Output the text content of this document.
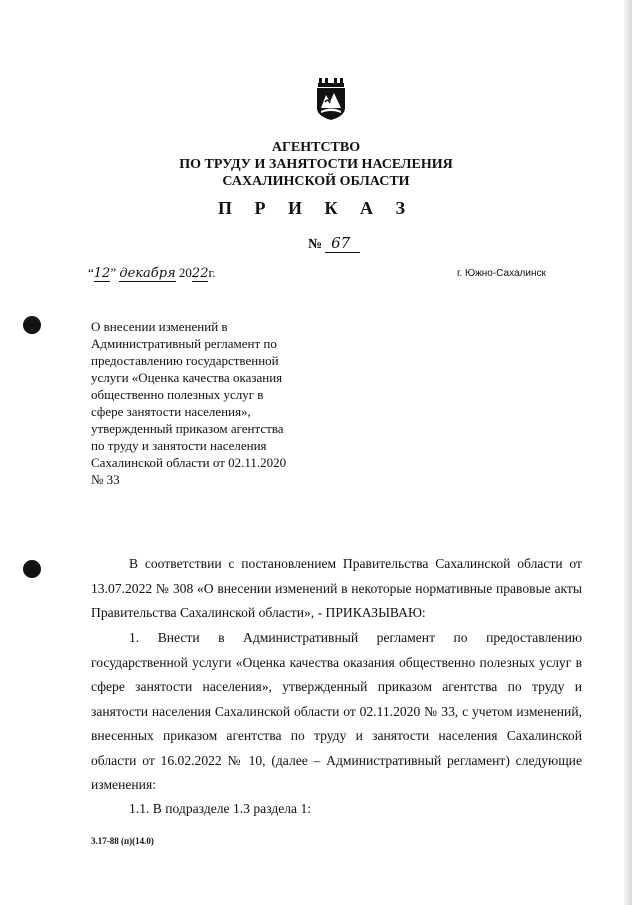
АГЕНТСТВО
ПО ТРУДУ И ЗАНЯТОСТИ НАСЕЛЕНИЯ
САХАЛИНСКОЙ ОБЛАСТИ
П Р И К А З
№ 67
“12” декабря 2022г.	г. Южно-Сахалинск
О внесении изменений в
Административный регламент по
предоставлению государственной
услуги «Оценка качества оказания
общественно полезных услуг в
сфере занятости населения»,
утвержденный приказом агентства
по труду и занятости населения
Сахалинской области от 02.11.2020
№ 33
В соответствии с постановлением Правительства Сахалинской области от 13.07.2022 № 308 «О внесении изменений в некоторые нормативные правовые акты Правительства Сахалинской области», - ПРИКАЗЫВАЮ:
1. Внести в Административный регламент по предоставлению государственной услуги «Оценка качества оказания общественно полезных услуг в сфере занятости населения», утвержденный приказом агентства по труду и занятости населения Сахалинской области от 02.11.2020 № 33, с учетом изменений, внесенных приказом агентства по труду и занятости населения Сахалинской области от 16.02.2022 № 10, (далее – Административный регламент) следующие изменения:
1.1. В подразделе 1.3 раздела 1:
3.17-88 (п)(14.0)
